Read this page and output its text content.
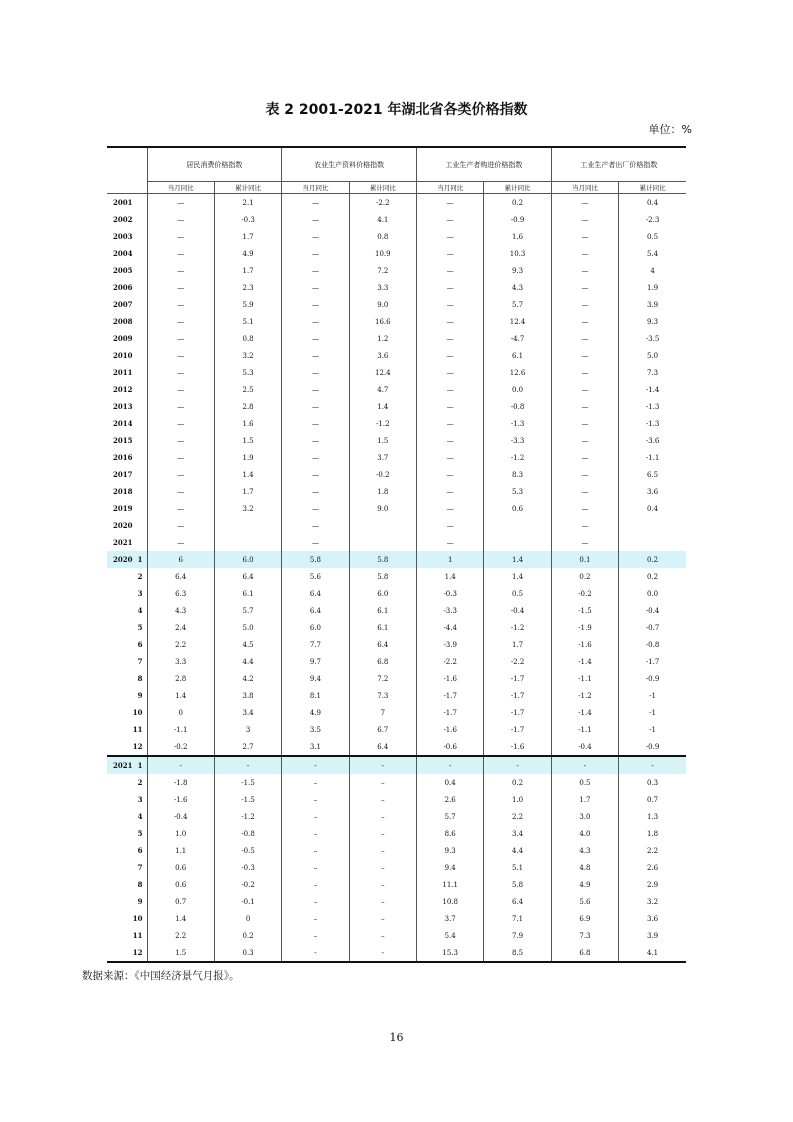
表 2 2001-2021 年湖北省各类价格指数
单位：%
	居民消费价格指数		农业生产资料价格指数		工业生产者购进价格指数		工业生产者出厂价格指数	
	当月同比	累计同比	当月同比	累计同比	当月同比	累计同比	当月同比	累计同比
2001	—	2.1	—	-2.2	—	0.2	—	0.4
2002	—	-0.3	—	4.1	—	-0.9	—	-2.3
2003	—	1.7	—	0.8	—	1.6	—	0.5
2004	—	4.9	—	10.9	—	10.3	—	5.4
2005	—	1.7	—	7.2	—	9.3	—	4
2006	—	2.3	—	3.3	—	4.3	—	1.9
2007	—	5.9	—	9.0	—	5.7	—	3.9
2008	—	5.1	—	16.6	—	12.4	—	9.3
2009	—	0.8	—	1.2	—	-4.7	—	-3.5
2010	—	3.2	—	3.6	—	6.1	—	5.0
2011	—	5.3	—	12.4	—	12.6	—	7.3
2012	—	2.5	—	4.7	—	0.0	—	-1.4
2013	—	2.8	—	1.4	—	-0.8	—	-1.3
2014	—	1.6	—	-1.2	—	-1.3	—	-1.3
2015	—	1.5	—	1.5	—	-3.3	—	-3.6
2016	—	1.9	—	3.7	—	-1.2	—	-1.1
2017	—	1.4	—	-0.2	—	8.3	—	6.5
2018	—	1.7	—	1.8	—	5.3	—	3.6
2019	—	3.2	—	9.0	—	0.6	—	0.4
2020	—		—		—		—	
2021	—		—		—		—	

2020 1	6	6.0	5.8	5.8	1	1.4	0.1	0.2
2	6.4	6.4	5.6	5.8	1.4	1.4	0.2	0.2
3	6.3	6.1	6.4	6.0	-0.3	0.5	-0.2	0.0
4	4.3	5.7	6.4	6.1	-3.3	-0.4	-1.5	-0.4
5	2.4	5.0	6.0	6.1	-4.4	-1.2	-1.9	-0.7
6	2.2	4.5	7.7	6.4	-3.9	1.7	-1.6	-0.8
7	3.3	4.4	9.7	6.8	-2.2	-2.2	-1.4	-1.7
8	2.8	4.2	9.4	7.2	-1.6	-1.7	-1.1	-0.9
9	1.4	3.8	8.1	7.3	-1.7	-1.7	-1.2	-1
10	0	3.4	4.9	7	-1.7	-1.7	-1.4	-1
11	-1.1	3	3.5	6.7	-1.6	-1.7	-1.1	-1
12	-0.2	2.7	3.1	6.4	-0.6	-1.6	-0.4	-0.9

2021 1	-	-	-	-	-	-	-	-
2	-1.8	-1.5	–	–	0.4	0.2	0.5	0.3
3	-1.6	-1.5	–	–	2.6	1.0	1.7	0.7
4	-0.4	-1.2	–	–	5.7	2.2	3.0	1.3
5	1.0	-0.8	–	–	8.6	3.4	4.0	1.8
6	1.1	-0.5	–	–	9.3	4.4	4.3	2.2
7	0.6	-0.3	–	–	9.4	5.1	4.8	2.6
8	0.6	-0.2	–	–	11.1	5.8	4.9	2.9
9	0.7	-0.1	–	–	10.8	6.4	5.6	3.2
10	1.4	0	–	–	3.7	7.1	6.9	3.6
11	2.2	0.2	–	–	5.4	7.9	7.3	3.9
12	1.5	0.3	-	-	15.3	8.5	6.8	4.1
数据来源：《中国经济景气月报》。
16
